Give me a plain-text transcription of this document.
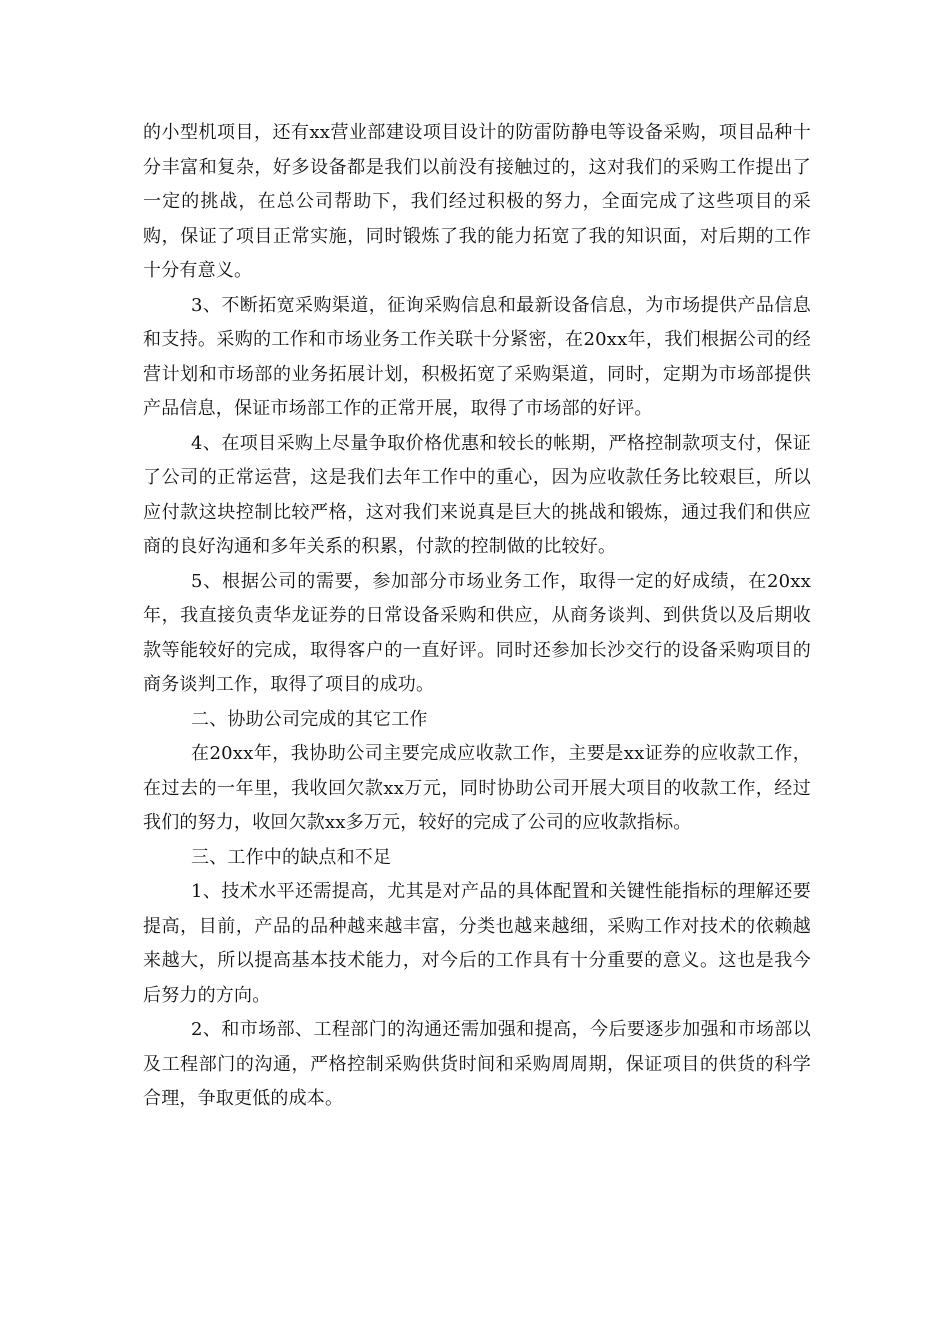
的小型机项目，还有xx营业部建设项目设计的防雷防静电等设备采购，项目品种十分丰富和复杂，好多设备都是我们以前没有接触过的，这对我们的采购工作提出了一定的挑战，在总公司帮助下，我们经过积极的努力，全面完成了这些项目的采购，保证了项目正常实施，同时锻炼了我的能力拓宽了我的知识面，对后期的工作十分有意义。

3、不断拓宽采购渠道，征询采购信息和最新设备信息，为市场提供产品信息和支持。采购的工作和市场业务工作关联十分紧密，在20xx年，我们根据公司的经营计划和市场部的业务拓展计划，积极拓宽了采购渠道，同时，定期为市场部提供产品信息，保证市场部工作的正常开展，取得了市场部的好评。

4、在项目采购上尽量争取价格优惠和较长的帐期，严格控制款项支付，保证了公司的正常运营，这是我们去年工作中的重心，因为应收款任务比较艰巨，所以应付款这块控制比较严格，这对我们来说真是巨大的挑战和锻炼，通过我们和供应商的良好沟通和多年关系的积累，付款的控制做的比较好。

5、根据公司的需要，参加部分市场业务工作，取得一定的好成绩，在20xx年，我直接负责华龙证券的日常设备采购和供应，从商务谈判、到供货以及后期收款等能较好的完成，取得客户的一直好评。同时还参加长沙交行的设备采购项目的商务谈判工作，取得了项目的成功。

二、协助公司完成的其它工作

在20xx年，我协助公司主要完成应收款工作，主要是xx证券的应收款工作，在过去的一年里，我收回欠款xx万元，同时协助公司开展大项目的收款工作，经过我们的努力，收回欠款xx多万元，较好的完成了公司的应收款指标。

三、工作中的缺点和不足

1、技术水平还需提高，尤其是对产品的具体配置和关键性能指标的理解还要提高，目前，产品的品种越来越丰富，分类也越来越细，采购工作对技术的依赖越来越大，所以提高基本技术能力，对今后的工作具有十分重要的意义。这也是我今后努力的方向。

2、和市场部、工程部门的沟通还需加强和提高，今后要逐步加强和市场部以及工程部门的沟通，严格控制采购供货时间和采购周周期，保证项目的供货的科学合理，争取更低的成本。
